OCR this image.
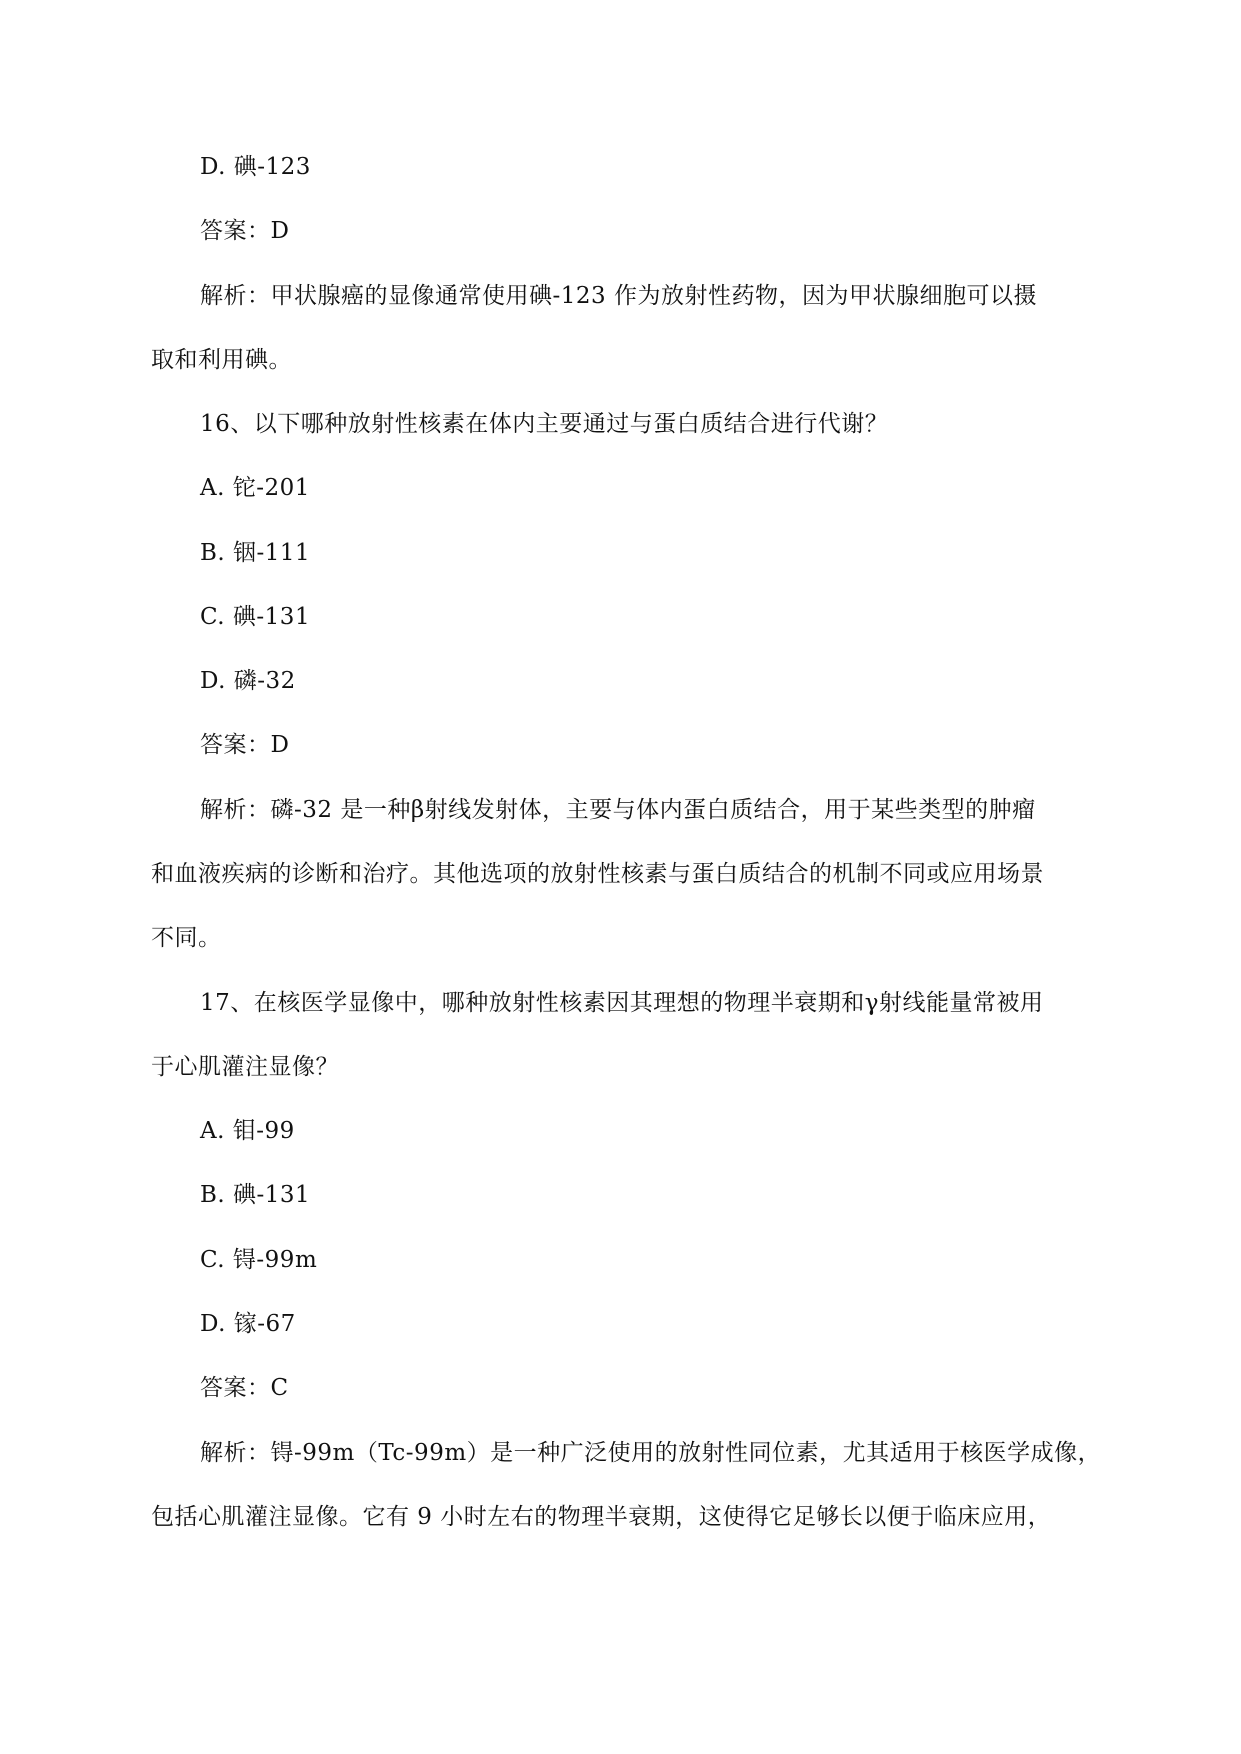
D. 碘-123
答案：D
解析：甲状腺癌的显像通常使用碘-123 作为放射性药物，因为甲状腺细胞可以摄
取和利用碘。
16、以下哪种放射性核素在体内主要通过与蛋白质结合进行代谢？
A. 铊-201
B. 铟-111
C. 碘-131
D. 磷-32
答案：D
解析：磷-32 是一种β射线发射体，主要与体内蛋白质结合，用于某些类型的肿瘤
和血液疾病的诊断和治疗。其他选项的放射性核素与蛋白质结合的机制不同或应用场景
不同。
17、在核医学显像中，哪种放射性核素因其理想的物理半衰期和γ射线能量常被用
于心肌灌注显像？
A. 钼-99
B. 碘-131
C. 锝-99m
D. 镓-67
答案：C
解析：锝-99m（Tc-99m）是一种广泛使用的放射性同位素，尤其适用于核医学成像，
包括心肌灌注显像。它有 9 小时左右的物理半衰期，这使得它足够长以便于临床应用，
